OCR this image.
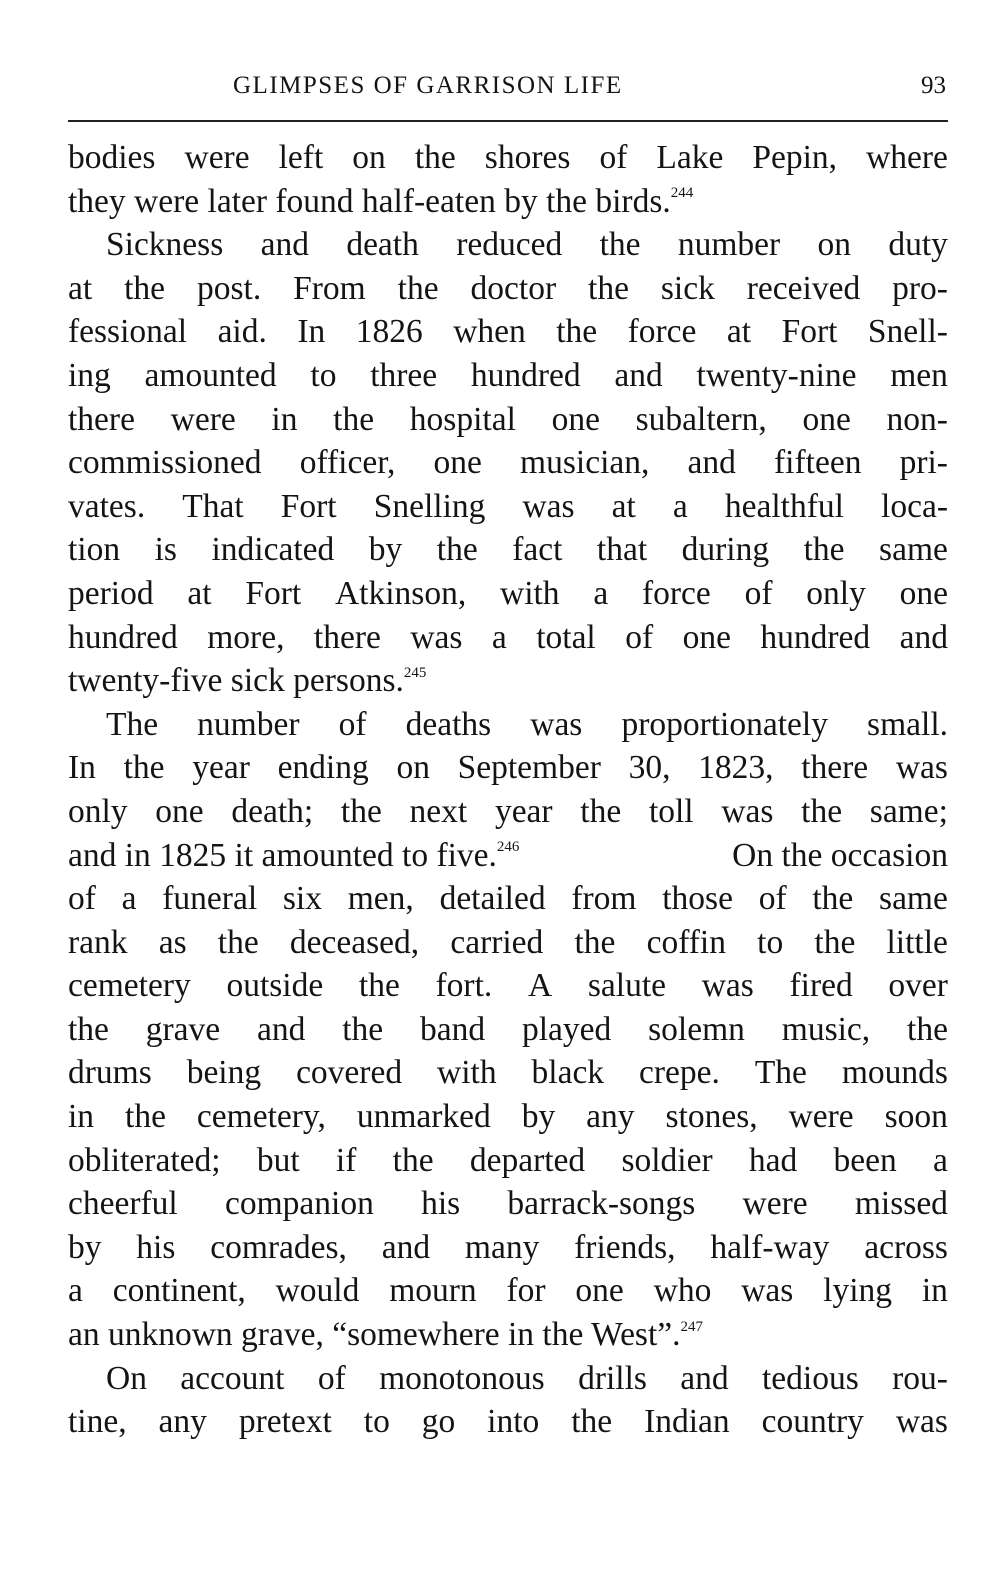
GLIMPSES OF GARRISON LIFE	93
bodies were left on the shores of Lake Pepin, where
they were later found half-eaten by the birds.$^{244}$
Sickness and death reduced the number on duty
at the post. From the doctor the sick received pro-
fessional aid. In 1826 when the force at Fort Snell-
ing amounted to three hundred and twenty-nine men
there were in the hospital one subaltern, one non-
commissioned officer, one musician, and fifteen pri-
vates. That Fort Snelling was at a healthful loca-
tion is indicated by the fact that during the same
period at Fort Atkinson, with a force of only one
hundred more, there was a total of one hundred and
twenty-five sick persons.$^{245}$
The number of deaths was proportionately small.
In the year ending on September 30, 1823, there was
only one death; the next year the toll was the same;
and in 1825 it amounted to five.$^{246}$	On the occasion
of a funeral six men, detailed from those of the same
rank as the deceased, carried the coffin to the little
cemetery outside the fort. A salute was fired over
the grave and the band played solemn music, the
drums being covered with black crepe. The mounds
in the cemetery, unmarked by any stones, were soon
obliterated; but if the departed soldier had been a
cheerful companion his barrack-songs were missed
by his comrades, and many friends, half-way across
a continent, would mourn for one who was lying in
an unknown grave, “somewhere in the West”.$^{247}$
On account of monotonous drills and tedious rou-
tine, any pretext to go into the Indian country was
